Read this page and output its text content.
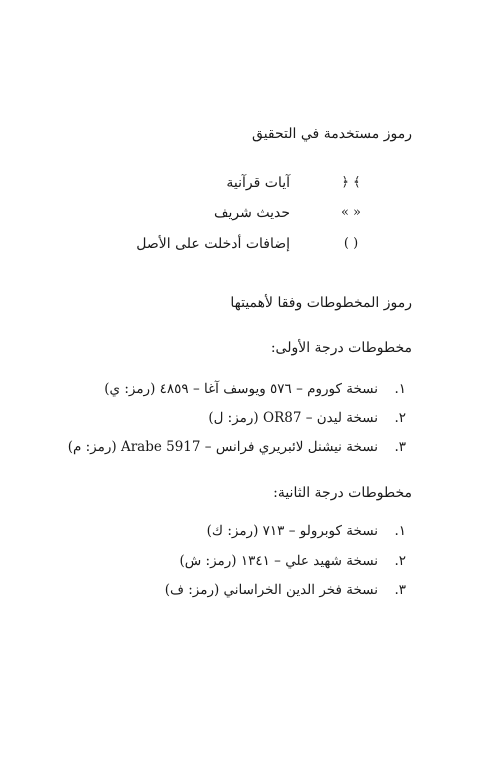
رموز مستخدمة في التحقيق
﴿ ﴾
آيات قرآنية
« »
حديث شريف
( )
إضافات أدخلت على الأصل
رموز المخطوطات وفقا لأهميتها
مخطوطات درجة الأولى:
١.
نسخة كوروم – ٥٧٦ ويوسف آغا – ٤٨٥٩ (رمز: ي)
٢.
نسخة ليدن – OR87 (رمز: ل)
٣.
نسخة نيشنل لائبريري فرانس – Arabe 5917 (رمز: م)
مخطوطات درجة الثانية:
١.
نسخة كوبرولو – ٧١٣ (رمز: ك)
٢.
نسخة شهيد علي – ١٣٤١ (رمز: ش)
٣.
نسخة فخر الدين الخراساني (رمز: ف)
